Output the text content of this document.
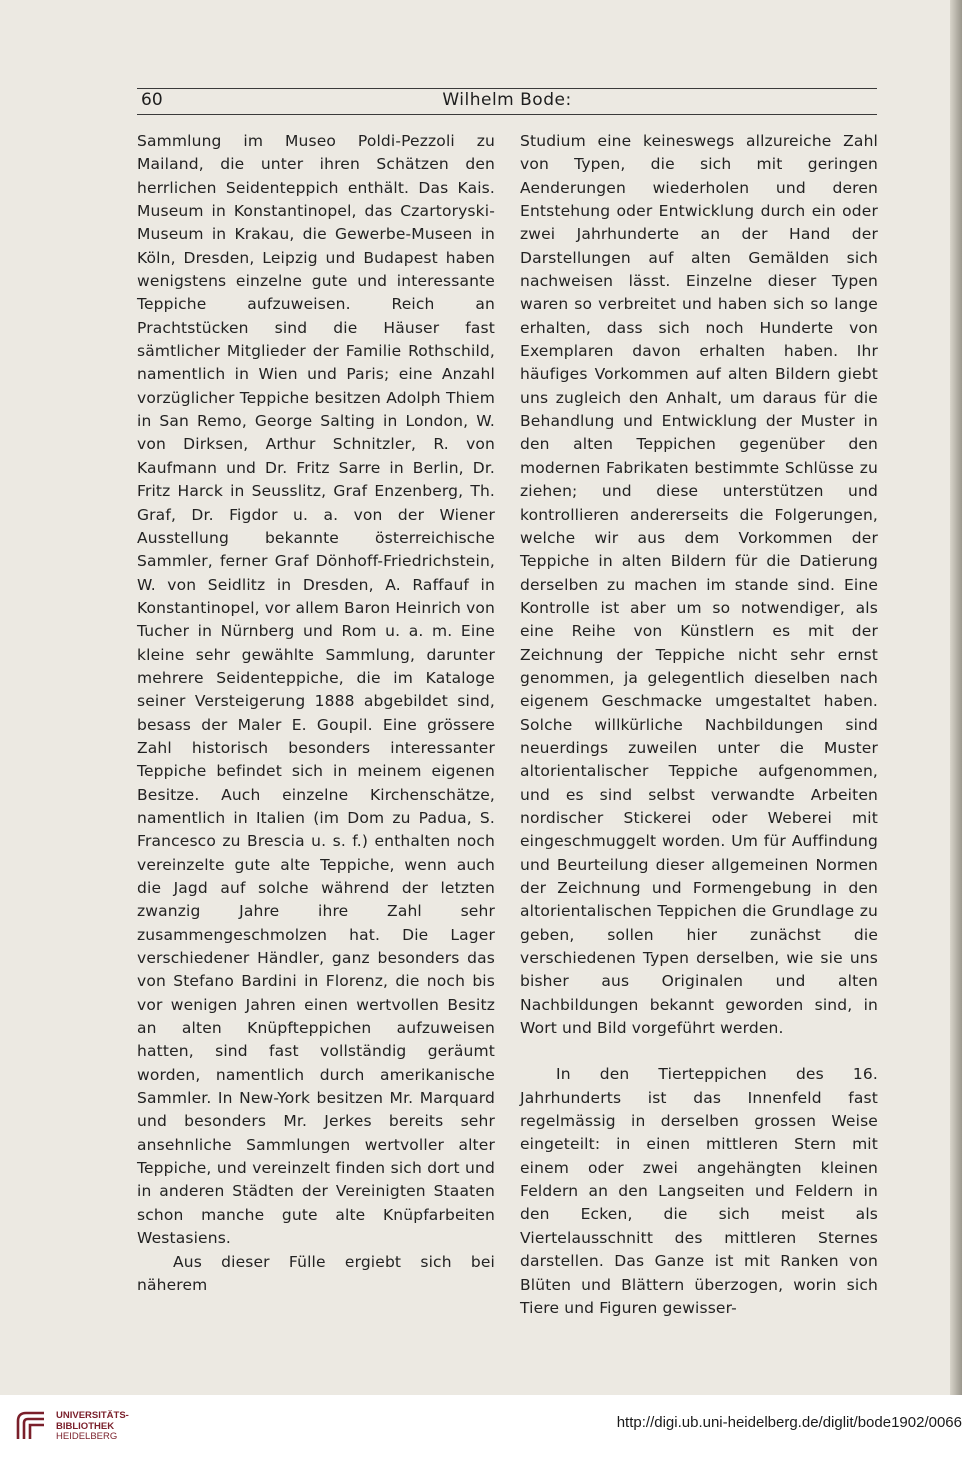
60	Wilhelm Bode:

Sammlung im Museo Poldi-Pezzoli zu Mailand, die unter ihren Schätzen den herrlichen Seidenteppich enthält. Das Kais. Museum in Konstantinopel, das Czartoryski-Museum in Krakau, die Gewerbe-Museen in Köln, Dresden, Leipzig und Budapest haben wenigstens einzelne gute und interessante Teppiche aufzuweisen. Reich an Prachtstücken sind die Häuser fast sämtlicher Mitglieder der Familie Rothschild, namentlich in Wien und Paris; eine Anzahl vorzüglicher Teppiche besitzen Adolph Thiem in San Remo, George Salting in London, W. von Dirksen, Arthur Schnitzler, R. von Kaufmann und Dr. Fritz Sarre in Berlin, Dr. Fritz Harck in Seusslitz, Graf Enzenberg, Th. Graf, Dr. Figdor u. a. von der Wiener Ausstellung bekannte österreichische Sammler, ferner Graf Dönhoff-Friedrichstein, W. von Seidlitz in Dresden, A. Raffauf in Konstantinopel, vor allem Baron Heinrich von Tucher in Nürnberg und Rom u. a. m. Eine kleine sehr gewählte Sammlung, darunter mehrere Seidenteppiche, die im Kataloge seiner Versteigerung 1888 abgebildet sind, besass der Maler E. Goupil. Eine grössere Zahl historisch besonders interessanter Teppiche befindet sich in meinem eigenen Besitze. Auch einzelne Kirchenschätze, namentlich in Italien (im Dom zu Padua, S. Francesco zu Brescia u. s. f.) enthalten noch vereinzelte gute alte Teppiche, wenn auch die Jagd auf solche während der letzten zwanzig Jahre ihre Zahl sehr zusammengeschmolzen hat. Die Lager verschiedener Händler, ganz besonders das von Stefano Bardini in Florenz, die noch bis vor wenigen Jahren einen wertvollen Besitz an alten Knüpfteppichen aufzuweisen hatten, sind fast vollständig geräumt worden, namentlich durch amerikanische Sammler. In New-York besitzen Mr. Marquard und besonders Mr. Jerkes bereits sehr ansehnliche Sammlungen wertvoller alter Teppiche, und vereinzelt finden sich dort und in anderen Städten der Vereinigten Staaten schon manche gute alte Knüpfarbeiten Westasiens.

Aus dieser Fülle ergiebt sich bei näherem

Studium eine keineswegs allzureiche Zahl von Typen, die sich mit geringen Aenderungen wiederholen und deren Entstehung oder Entwicklung durch ein oder zwei Jahrhunderte an der Hand der Darstellungen auf alten Gemälden sich nachweisen lässt. Einzelne dieser Typen waren so verbreitet und haben sich so lange erhalten, dass sich noch Hunderte von Exemplaren davon erhalten haben. Ihr häufiges Vorkommen auf alten Bildern giebt uns zugleich den Anhalt, um daraus für die Behandlung und Entwicklung der Muster in den alten Teppichen gegenüber den modernen Fabrikaten bestimmte Schlüsse zu ziehen; und diese unterstützen und kontrollieren andererseits die Folgerungen, welche wir aus dem Vorkommen der Teppiche in alten Bildern für die Datierung derselben zu machen im stande sind. Eine Kontrolle ist aber um so notwendiger, als eine Reihe von Künstlern es mit der Zeichnung der Teppiche nicht sehr ernst genommen, ja gelegentlich dieselben nach eigenem Geschmacke umgestaltet haben. Solche willkürliche Nachbildungen sind neuerdings zuweilen unter die Muster altorientalischer Teppiche aufgenommen, und es sind selbst verwandte Arbeiten nordischer Stickerei oder Weberei mit eingeschmuggelt worden. Um für Auffindung und Beurteilung dieser allgemeinen Normen der Zeichnung und Formengebung in den altorientalischen Teppichen die Grundlage zu geben, sollen hier zunächst die verschiedenen Typen derselben, wie sie uns bisher aus Originalen und alten Nachbildungen bekannt geworden sind, in Wort und Bild vorgeführt werden.

In den Tierteppichen des 16. Jahrhunderts ist das Innenfeld fast regelmässig in derselben grossen Weise eingeteilt: in einen mittleren Stern mit einem oder zwei angehängten kleinen Feldern an den Langseiten und Feldern in den Ecken, die sich meist als Viertelausschnitt des mittleren Sternes darstellen. Das Ganze ist mit Ranken von Blüten und Blättern überzogen, worin sich Tiere und Figuren gewisser-

UNIVERSITÄTS-
BIBLIOTHEK
HEIDELBERG
http://digi.ub.uni-heidelberg.de/diglit/bode1902/0066
